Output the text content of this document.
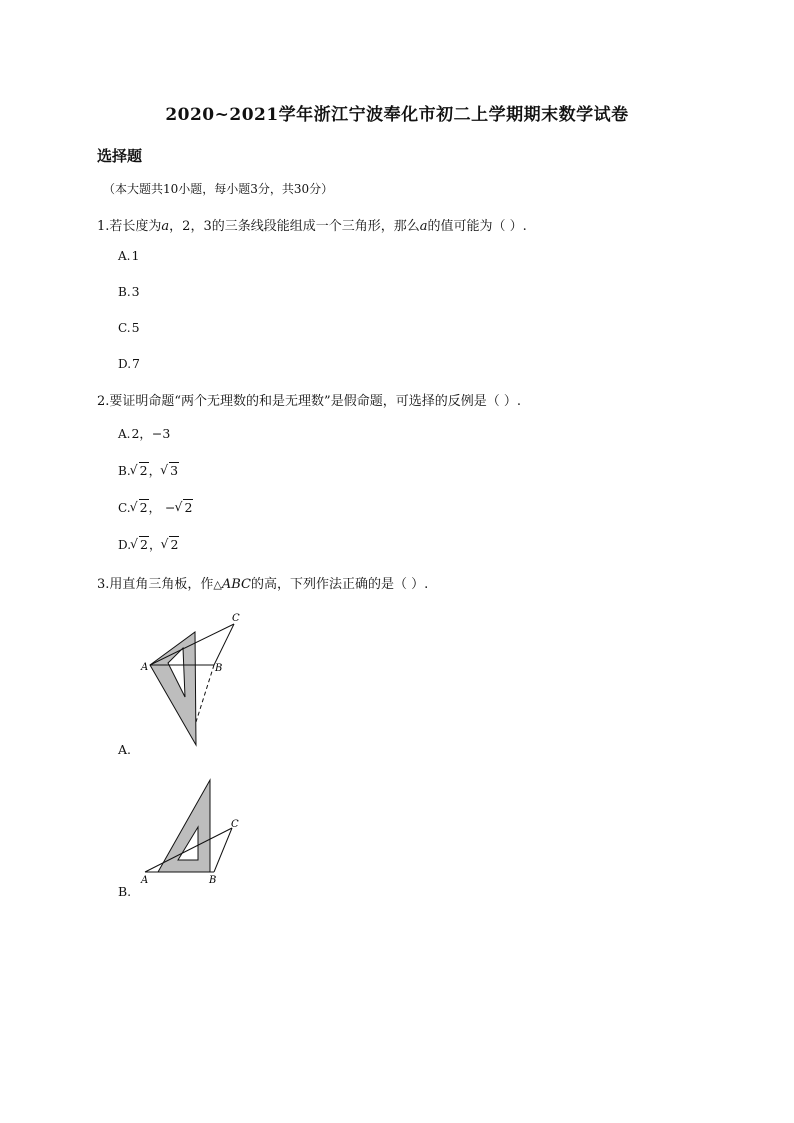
2020~2021学年浙江宁波奉化市初二上学期期末数学试卷
选择题
（本大题共10小题，每小题3分，共30分）
1.若长度为a，2，3的三条线段能组成一个三角形，那么a的值可能为（ ）.
A.1
B.3
C.5
D.7
2.要证明命题“两个无理数的和是无理数”是假命题，可选择的反例是（ ）.
A.2，−3
B. √ 2， √ 3
C. √ 2， − √ 2
D. √ 2， √ 2
3.用直角三角板，作△ABC的高，下列作法正确的是（ ）.
A	B
C
A.
A	B
C
B.
